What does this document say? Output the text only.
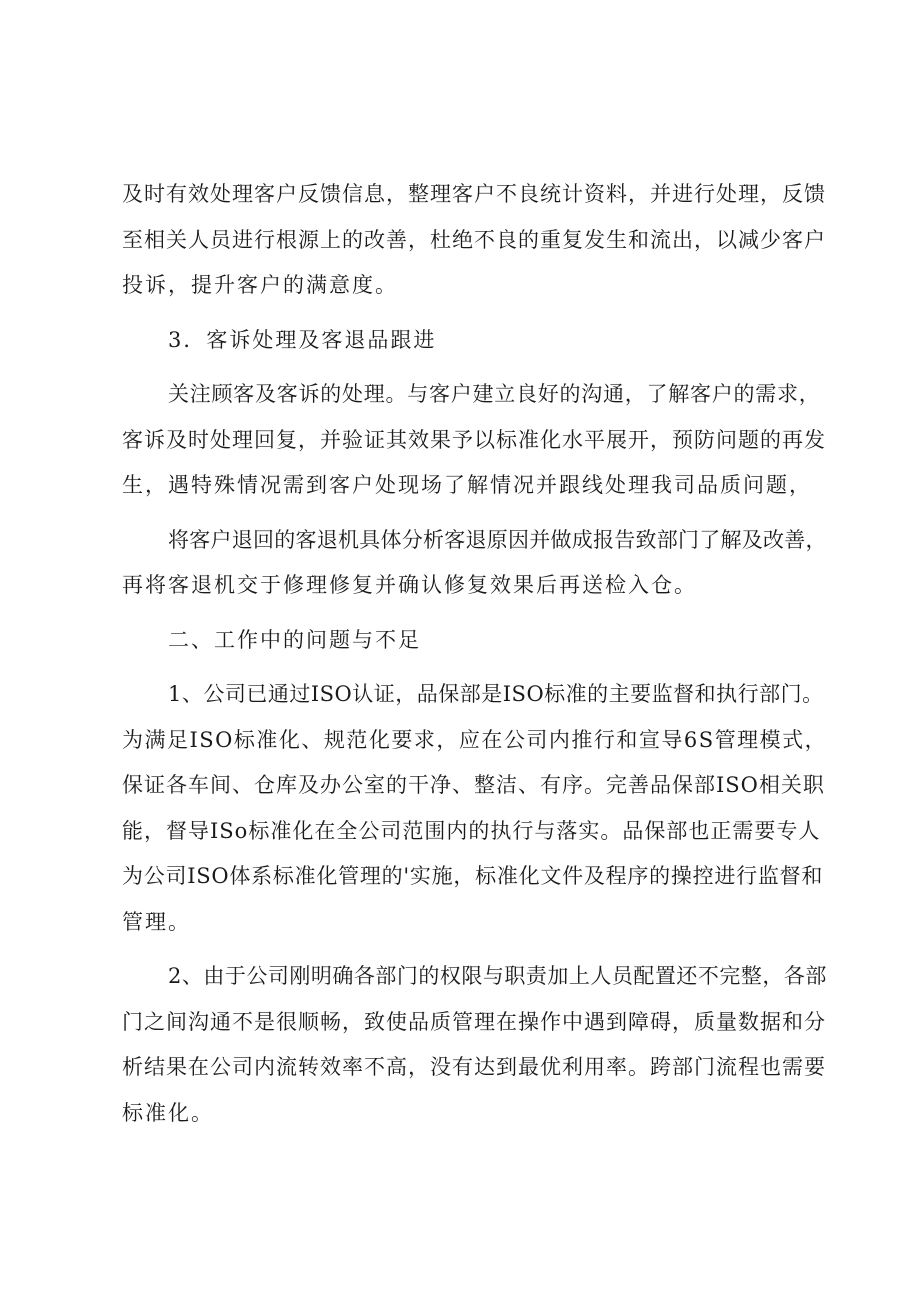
及时有效处理客户反馈信息，整理客户不良统计资料，并进行处理，反馈
至相关人员进行根源上的改善，杜绝不良的重复发生和流出，以减少客户
投诉，提升客户的满意度。

3．客诉处理及客退品跟进

关注顾客及客诉的处理。与客户建立良好的沟通，了解客户的需求，
客诉及时处理回复，并验证其效果予以标准化水平展开，预防问题的再发
生，遇特殊情况需到客户处现场了解情况并跟线处理我司品质问题，

将客户退回的客退机具体分析客退原因并做成报告致部门了解及改善，
再将客退机交于修理修复并确认修复效果后再送检入仓。

二、工作中的问题与不足

1、公司已通过ISO认证，品保部是ISO标准的主要监督和执行部门。
为满足ISO标准化、规范化要求，应在公司内推行和宣导6S管理模式，
保证各车间、仓库及办公室的干净、整洁、有序。完善品保部ISO相关职
能，督导ISo标准化在全公司范围内的执行与落实。品保部也正需要专人
为公司ISO体系标准化管理的'实施，标准化文件及程序的操控进行监督和
管理。

2、由于公司刚明确各部门的权限与职责加上人员配置还不完整，各部
门之间沟通不是很顺畅，致使品质管理在操作中遇到障碍，质量数据和分
析结果在公司内流转效率不高，没有达到最优利用率。跨部门流程也需要
标准化。
